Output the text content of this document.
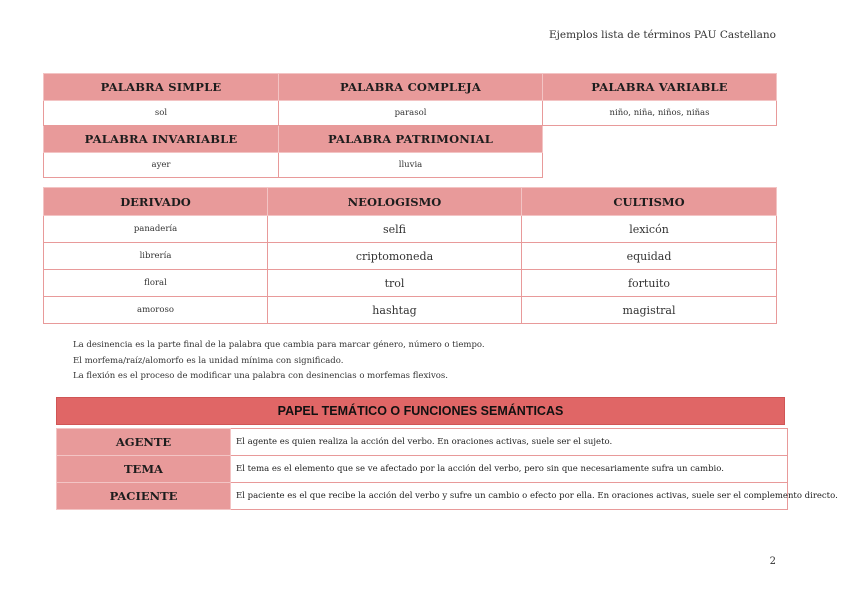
Ejemplos lista de términos PAU Castellano
PALABRA SIMPLE	PALABRA COMPLEJA	PALABRA VARIABLE
sol	parasol	niño, niña, niños, niñas
PALABRA INVARIABLE	PALABRA PATRIMONIAL	
ayer	lluvia	
DERIVADO	NEOLOGISMO	CULTISMO
panadería	selfi	lexicón
librería	criptomoneda	equidad
floral	trol	fortuito
amoroso	hashtag	magistral
La desinencia es la parte final de la palabra que cambia para marcar género, número o tiempo.
El morfema/raíz/alomorfo es la unidad mínima con significado.
La flexión es el proceso de modificar una palabra con desinencias o morfemas flexivos.
PAPEL TEMÁTICO O FUNCIONES SEMÁNTICAS
AGENTE	El agente es quien realiza la acción del verbo. En oraciones activas, suele ser el sujeto.
TEMA	El tema es el elemento que se ve afectado por la acción del verbo, pero sin que necesariamente sufra un cambio.
PACIENTE	El paciente es el que recibe la acción del verbo y sufre un cambio o efecto por ella. En oraciones activas, suele ser el complemento directo.
2
